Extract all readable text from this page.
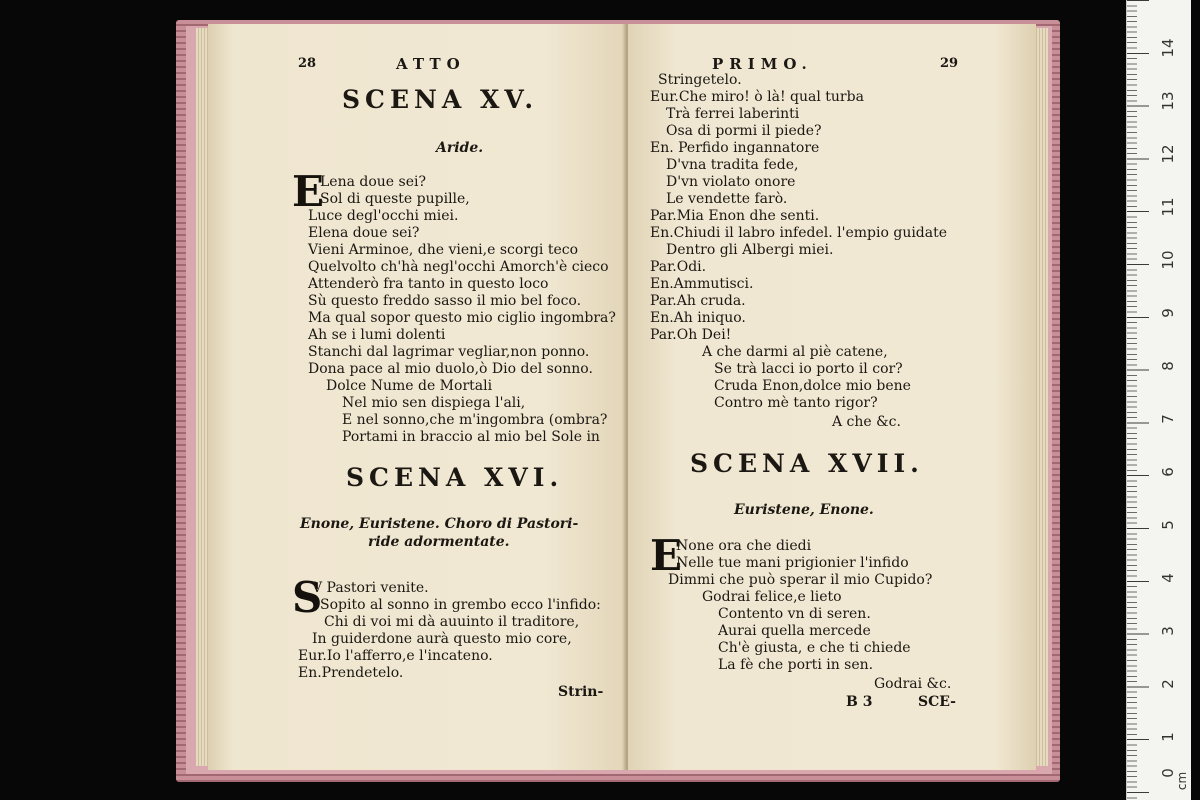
28	ATTO
SCENA XV.
Aride.
E
Lena doue sei?
Sol di queste pupille,
Luce degl'occhi miei.
Elena doue sei?
Vieni Arminoe, dhe vieni,e scorgi teco
Quelvolto ch'hà negl'occhi Amorch'è cieco
Attenderò fra tanto in questo loco
Sù questo freddo sasso il mio bel foco.
Ma qual sopor questo mio ciglio ingombra?
Ah se i lumi dolenti
Stanchi dal lagrimar vegliar,non ponno.
Dona pace al mio duolo,ò Dio del sonno.
Dolce Nume de Mortali
Nel mio sen dispiega l'ali,
E nel sonno,che m'ingombra (ombra?
Portami in braccio al mio bel Sole in
SCENA XVI.
Enone, Euristene. Choro di Pastori-
ride adormentate.
S
V Pastori venite.
Sopito al sonno in grembo ecco l'infido:
Chi di voi mi dà auuinto il traditore,
In guiderdone aurà questo mio core,
Eur.Io l'afferro,e l'incateno.
En.Prendetelo.
Strin-
PRIMO.	29
Stringetelo.
Eur.Che miro! ò là! qual turba
Trà ferrei laberinti
Osa di pormi il piede?
En. Perfido ingannatore
D'vna tradita fede,
D'vn violato onore
Le vendette farò.
Par.Mia Enon dhe senti.
En.Chiudi il labro infedel. l'empio guidate
Dentro gli Albergi miei.
Par.Odi.
En.Ammutisci.
Par.Ah cruda.
En.Ah iniquo.
Par.Oh Dei!
A che darmi al piè catene,
Se trà lacci io porto il cor?
Cruda Enon,dolce mio bene
Contro mè tanto rigor?
A che &c.
SCENA XVII.
Euristene, Enone.
E
None ora che diedi
Nelle tue mani prigionier l'infido
Dimmi che può sperar il mio Cupido?
Godrai felice,e lieto
Contento vn di seren.
Aurai quella mercede
Ch'è giusta, e che ti chiede
La fè che porti in sen.
Godrai &c.
B 3	SCE-
0
1
2
3
4
5
6
7
8
9
10
11
12
13
14
cm
